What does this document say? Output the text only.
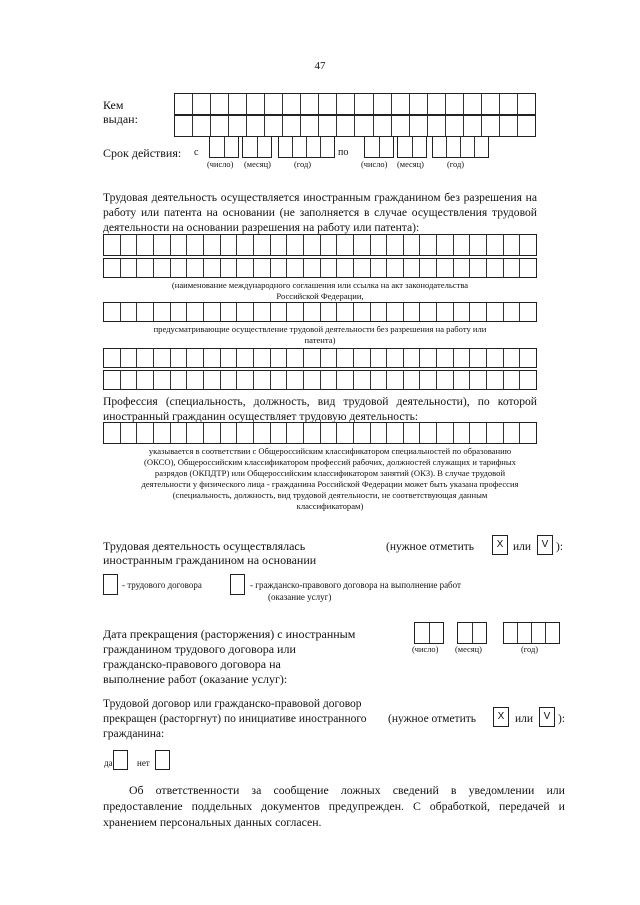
47
Кем
выдан:
Срок действия: с	по
(число) (месяц)	(год)	(число) (месяц)	(год)
Трудовая деятельность осуществляется иностранным гражданином без разрешения на работу или патента на основании (не заполняется в случае осуществления трудовой деятельности на основании разрешения на работу или патента):
(наименование международного соглашения или ссылка на акт законодательства Российской Федерации,
предусматривающие осуществление трудовой деятельности без разрешения на работу или патента)
Профессия (специальность, должность, вид трудовой деятельности), по которой иностранный гражданин осуществляет трудовую деятельность:
указывается в соответствии с Общероссийским классификатором специальностей по образованию (ОКСО), Общероссийским классификатором профессий рабочих, должностей служащих и тарифных разрядов (ОКПДТР) или Общероссийским классификатором занятий (ОКЗ). В случае трудовой деятельности у физического лица - гражданина Российской Федерации может быть указана профессия (специальность, должность, вид трудовой деятельности, не соответствующая данным классификаторам)
Трудовая деятельность осуществлялась
иностранным гражданином на основании
(нужное отметить	X или	V ):
- трудового договора	- гражданско-правового договора на выполнение работ
(оказание услуг)
Дата прекращения (расторжения) с иностранным
гражданином трудового договора или
гражданско-правового договора на
выполнение работ (оказание услуг):
(число) (месяц)	(год)
Трудовой договор или гражданско-правовой договор
прекращен (расторгнут) по инициативе иностранного
гражданина:
(нужное отметить	X или	V ):
да	нет
Об ответственности за сообщение ложных сведений в уведомлении или
предоставление поддельных документов предупрежден. С обработкой, передачей и
хранением персональных данных согласен.
